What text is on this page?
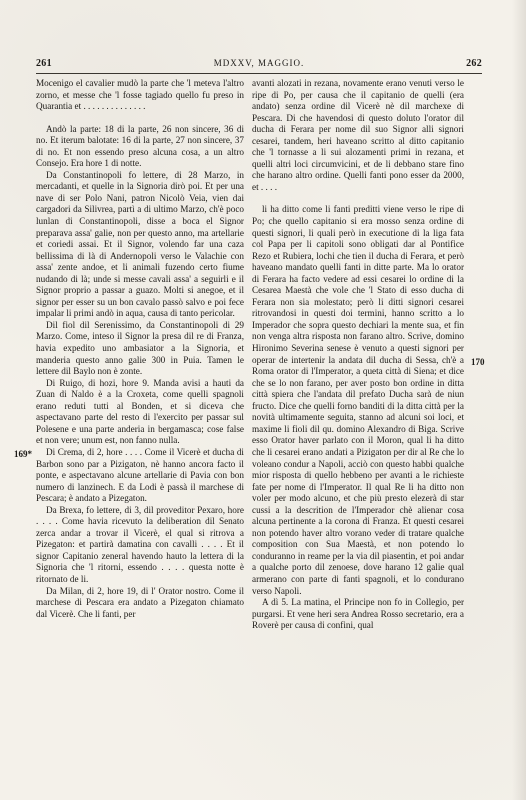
261	MDXXV, MAGGIO.	262
169*
170

Mocenigo el cavalier mudò la parte che 'l meteva l'altro zorno, et messe che 'l fosse tagiado quello fu preso in Quarantia et . . . . . . . . . . . . . .

Andò la parte: 18 di la parte, 26 non sincere, 36 di no. Et iterum balotate: 16 di la parte, 27 non sincere, 37 di no. Et non essendo preso alcuna cosa, a un altro Consejo. Era hore 1 di notte.

Da Constantinopoli fo lettere, di 28 Marzo, in mercadanti, et quelle in la Signoria dirò poi. Et per una nave di ser Polo Nani, patron Nicolò Veia, vien dai cargadori da Silivrea, partì a di ultimo Marzo, ch'è poco lunlan di Constantinopoli, disse a boca el Signor preparava assa' galie, non per questo anno, ma artellarie et coriedi assai. Et il Signor, volendo far una caza bellissima di là di Andernopoli verso le Valachie con assa' zente andoe, et li animali fuzendo certo fiume nudando di là; unde si messe cavali assa' a seguirli e il Signor proprio a passar a guazo. Molti si anegoe, et il signor per esser su un bon cavalo passò salvo e poi fece impalar li primi andò in aqua, causa di tanto pericolar.

Dil fiol dil Serenissimo, da Constantinopoli di 29 Marzo. Come, inteso il Signor la presa dil re di Franza, havia expedito uno ambasiator a la Signoria, et manderia questo anno galie 300 in Puia. Tamen le lettere dil Baylo non è zonte.

Di Ruigo, di hozi, hore 9. Manda avisi a hauti da Zuan di Naldo è a la Croxeta, come quelli spagnoli erano reduti tutti al Bonden, et si diceva che aspectavano parte del resto di l'exercito per passar sul Polesene e una parte anderia in bergamasca; cose false et non vere; unum est, non fanno nulla.

Di Crema, di 2, hore . . . . Come il Vicerè et ducha di Barbon sono par a Pizigaton, nè hanno ancora facto il ponte, e aspectavano alcune artellarie di Pavia con bon numero di lanzinech. E da Lodi è passà il marchese di Pescara; è andato a Pizegaton.

Da Brexa, fo lettere, di 3, dil proveditor Pexaro, hore . . . . Come havia ricevuto la deliberation dil Senato zerca andar a trovar il Vicerè, el qual si ritrova a Pizegaton: et partirà damatina con cavalli . . . . Et il signor Capitanio zeneral havendo hauto la lettera di la Signoria che 'l ritorni, essendo . . . . questa notte è ritornato de li.

Da Milan, di 2, hore 19, di l' Orator nostro. Come il marchese di Pescara era andato a Pizegaton chiamato dal Vicerè. Che li fanti, per

avanti alozati in rezana, novamente erano venuti verso le ripe di Po, per causa che il capitanio de quelli (era andato) senza ordine dil Vicerè nè dil marchexe di Pescara. Di che havendosi di questo doluto l'orator dil ducha di Ferara per nome dil suo Signor alli signori cesarei, tandem, heri haveano scritto al ditto capitanio che 'l tornasse a li sui alozamenti primi in rezana, et quelli altri loci circumvicini, et de li debbano stare fino che harano altro ordine. Quelli fanti pono esser da 2000, et . . . .

li ha ditto come li fanti preditti viene verso le ripe di Po; che quello capitanio si era mosso senza ordine di questi signori, li quali però in executione di la liga fata col Papa per li capitoli sono obligati dar al Pontifice Rezo et Rubiera, lochi che tien il ducha di Ferara, et però haveano mandato quelli fanti in ditte parte. Ma lo orator di Ferara ha facto vedere ad essi cesarei lo ordine di la Cesarea Maestà che vole che 'l Stato di esso ducha di Ferara non sia molestato; però li ditti signori cesarei ritrovandosi in questi doi termini, hanno scritto a lo Imperador che sopra questo dechiari la mente sua, et fin non venga altra risposta non farano altro. Scrive, domino Hironimo Severina senese è venuto a questi signori per operar de intertenir la andata dil ducha di Sessa, ch'è a Roma orator di l'Imperator, a queta città di Siena; et dice che se lo non farano, per aver posto bon ordine in ditta città spiera che l'andata dil prefato Ducha sarà de niun fructo. Dice che quelli forno banditi di la ditta città per la novità ultimamente seguita, stanno ad alcuni soi loci, et maxime li fioli dil qu. domino Alexandro di Biga. Scrive esso Orator haver parlato con il Moron, qual li ha ditto che li cesarei erano andati a Pizigaton per dir al Re che lo voleano condur a Napoli, acciò con questo habbi qualche mior risposta di quello hebbeno per avanti a le richieste fate per nome di l'Imperator. Il qual Re li ha ditto non voler per modo alcuno, et che più presto elezerà di star cussi a la descrition de l'Imperador chè alienar cosa alcuna pertinente a la corona di Franza. Et questi cesarei non potendo haver altro vorano veder di tratare qualche composition con Sua Maestà, et non potendo lo conduranno in reame per la via dil piasentin, et poi andar a qualche porto dil zenoese, dove harano 12 galie qual armerano con parte di fanti spagnoli, et lo condurano verso Napoli.

A dì 5. La matina, el Principe non fo in Collegio, per purgarsi. Et vene heri sera Andrea Rosso secretario, era a Roverè per causa di confini, qual
